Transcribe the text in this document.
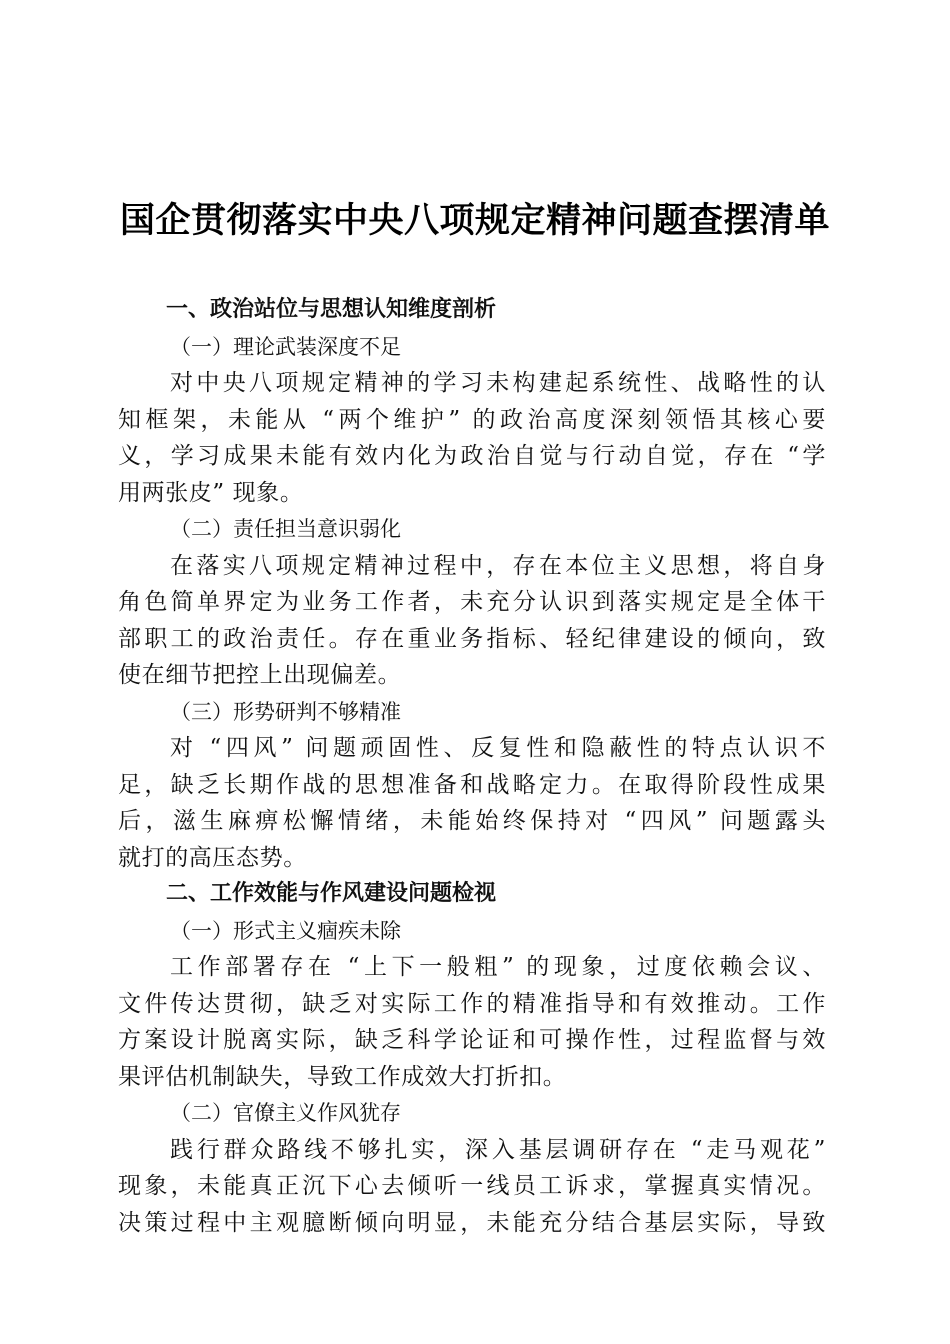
国企贯彻落实中央八项规定精神问题查摆清单
一、政治站位与思想认知维度剖析
（一）理论武装深度不足
对中央八项规定精神的学习未构建起系统性、战略性的认
知框架，未能从 “两个维护” 的政治高度深刻领悟其核心要
义，学习成果未能有效内化为政治自觉与行动自觉，存在 “学
用两张皮” 现象。
（二）责任担当意识弱化
在落实八项规定精神过程中，存在本位主义思想，将自身
角色简单界定为业务工作者，未充分认识到落实规定是全体干
部职工的政治责任。存在重业务指标、轻纪律建设的倾向，致
使在细节把控上出现偏差。
（三）形势研判不够精准
对 “四风” 问题顽固性、反复性和隐蔽性的特点认识不
足，缺乏长期作战的思想准备和战略定力。在取得阶段性成果
后，滋生麻痹松懈情绪，未能始终保持对 “四风” 问题露头
就打的高压态势。
二、工作效能与作风建设问题检视
（一）形式主义痼疾未除
工作部署存在 “上下一般粗” 的现象，过度依赖会议、
文件传达贯彻，缺乏对实际工作的精准指导和有效推动。工作
方案设计脱离实际，缺乏科学论证和可操作性，过程监督与效
果评估机制缺失，导致工作成效大打折扣。
（二）官僚主义作风犹存
践行群众路线不够扎实，深入基层调研存在 “走马观花”
现象，未能真正沉下心去倾听一线员工诉求，掌握真实情况。
决策过程中主观臆断倾向明显，未能充分结合基层实际，导致
